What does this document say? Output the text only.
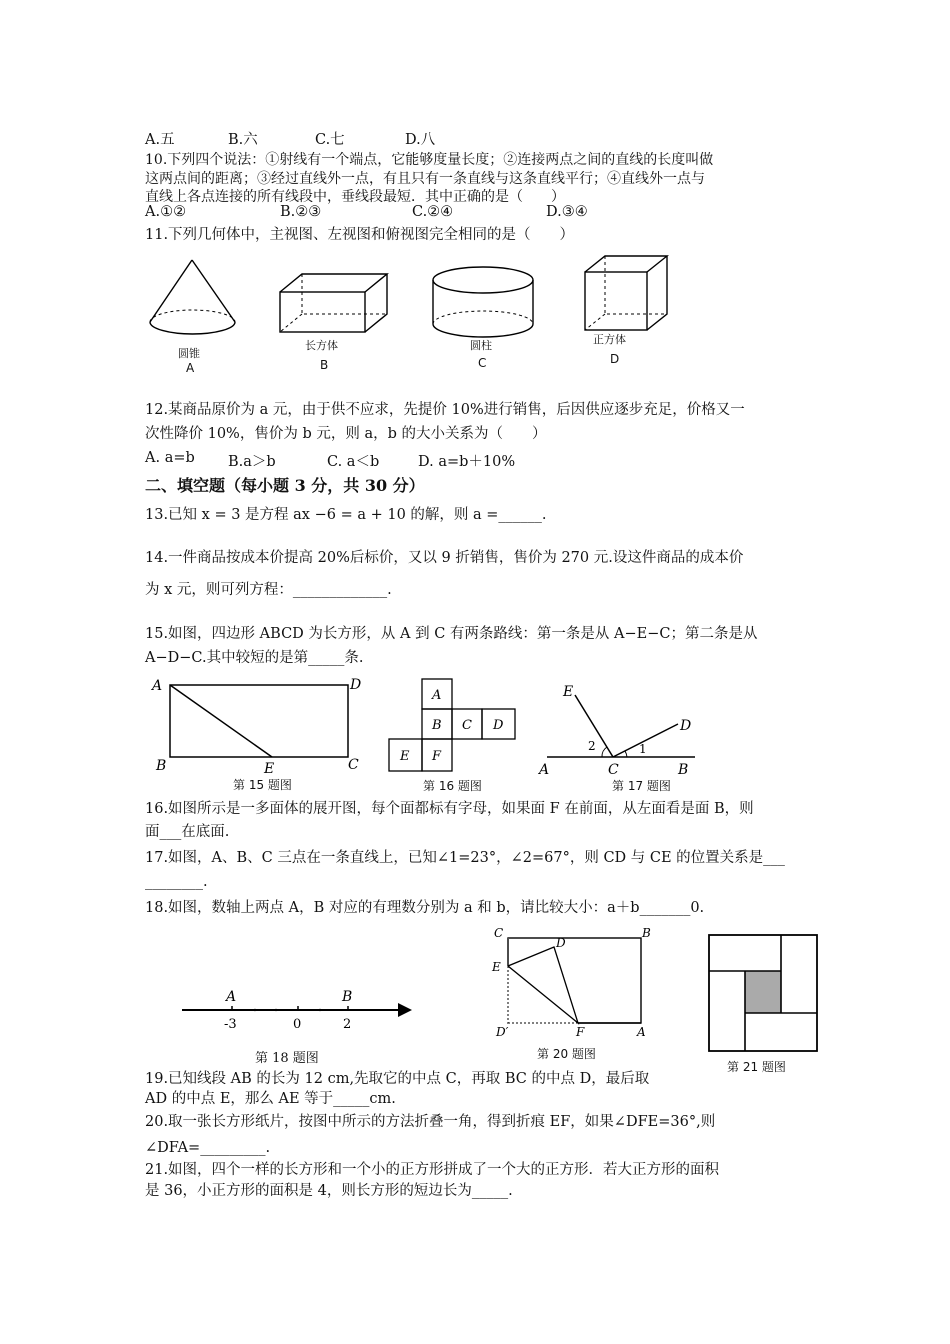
A.五	B.六	C.七	D.八
10.下列四个说法：①射线有一个端点，它能够度量长度；②连接两点之间的直线的长度叫做
这两点间的距离；③经过直线外一点，有且只有一条直线与这条直线平行；④直线外一点与
直线上各点连接的所有线段中，垂线段最短．其中正确的是（　　）
A.①②	B.②③	C.②④	D.③④
11.下列几何体中，主视图、左视图和俯视图完全相同的是（　　）
圆锥
A
长方体
B
圆柱
C
正方体
D
12.某商品原价为 a 元，由于供不应求，先提价 10%进行销售，后因供应逐步充足，价格又一
次性降价 10%，售价为 b 元，则 a，b 的大小关系为（　　）
A. a=b B.a＞b	C. a＜b	D. a=b＋10%
二、填空题（每小题 3 分，共 30 分）
13.已知 x = 3 是方程 ax −6 = a + 10 的解，则 a =______.
14.一件商品按成本价提高 20%后标价，又以 9 折销售，售价为 270 元.设这件商品的成本价
为 x 元，则可列方程：_____________.
15.如图，四边形 ABCD 为长方形，从 A 到 C 有两条路线：第一条是从 A−E−C；第二条是从
A−D−C.其中较短的是第_____条.
A	D
B	E	C
第 15 题图
A
B C D
E F
第 16 题图
E
D
2	1
A	C	B
第 17 题图
16.如图所示是一多面体的展开图，每个面都标有字母，如果面 F 在前面，从左面看是面 B，则
面___在底面.
17.如图，A、B、C 三点在一条直线上，已知∠1=23°，∠2=67°，则 CD 与 CE 的位置关系是___
________.
18.如图，数轴上两点 A，B 对应的有理数分别为 a 和 b，请比较大小：a＋b_______0.
A	B
-3	0	2
第 18 题图
C	B
D
E
D′	F	A
第 20 题图
第 21 题图
19.已知线段 AB 的长为 12 cm,先取它的中点 C，再取 BC 的中点 D，最后取
AD 的中点 E，那么 AE 等于_____cm.
20.取一张长方形纸片，按图中所示的方法折叠一角，得到折痕 EF，如果∠DFE=36°,则
∠DFA=_________.
21.如图，四个一样的长方形和一个小的正方形拼成了一个大的正方形．若大正方形的面积
是 36，小正方形的面积是 4，则长方形的短边长为_____.
